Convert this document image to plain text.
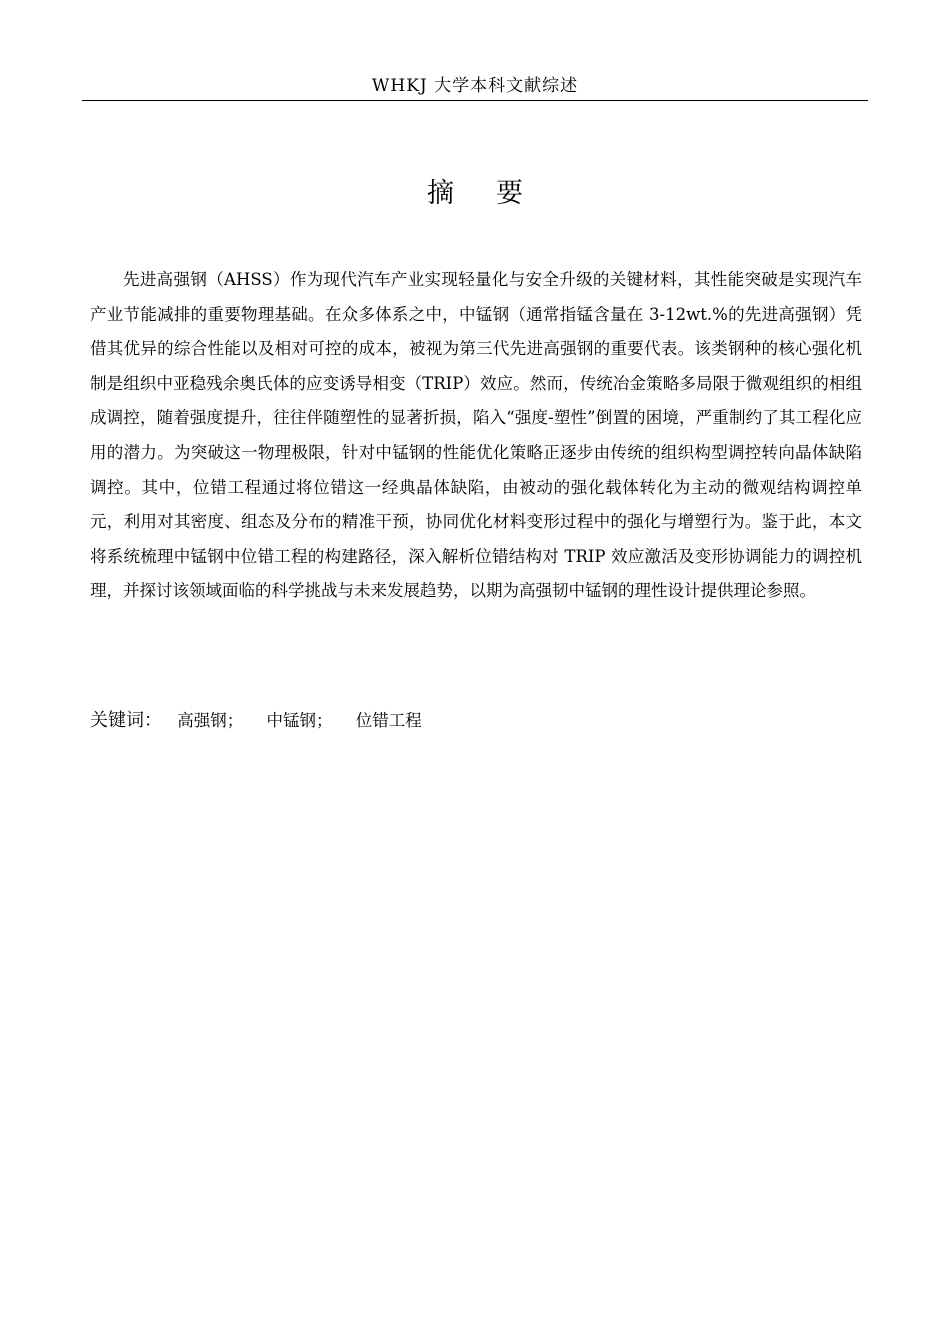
WHKJ 大学本科文献综述
摘要

先进高强钢（AHSS）作为现代汽车产业实现轻量化与安全升级的关键材料，其性能突破是实现汽车产业节能减排的重要物理基础。在众多体系之中，中锰钢（通常指锰含量在 3-12wt.%的先进高强钢）凭借其优异的综合性能以及相对可控的成本，被视为第三代先进高强钢的重要代表。该类钢种的核心强化机制是组织中亚稳残余奥氏体的应变诱导相变（TRIP）效应。然而，传统冶金策略多局限于微观组织的相组成调控，随着强度提升，往往伴随塑性的显著折损，陷入“强度-塑性”倒置的困境，严重制约了其工程化应用的潜力。为突破这一物理极限，针对中锰钢的性能优化策略正逐步由传统的组织构型调控转向晶体缺陷调控。其中，位错工程通过将位错这一经典晶体缺陷，由被动的强化载体转化为主动的微观结构调控单元，利用对其密度、组态及分布的精准干预，协同优化材料变形过程中的强化与增塑行为。鉴于此，本文将系统梳理中锰钢中位错工程的构建路径，深入解析位错结构对 TRIP 效应激活及变形协调能力的调控机理，并探讨该领域面临的科学挑战与未来发展趋势，以期为高强韧中锰钢的理性设计提供理论参照。

关键词： 高强钢； 中锰钢； 位错工程
